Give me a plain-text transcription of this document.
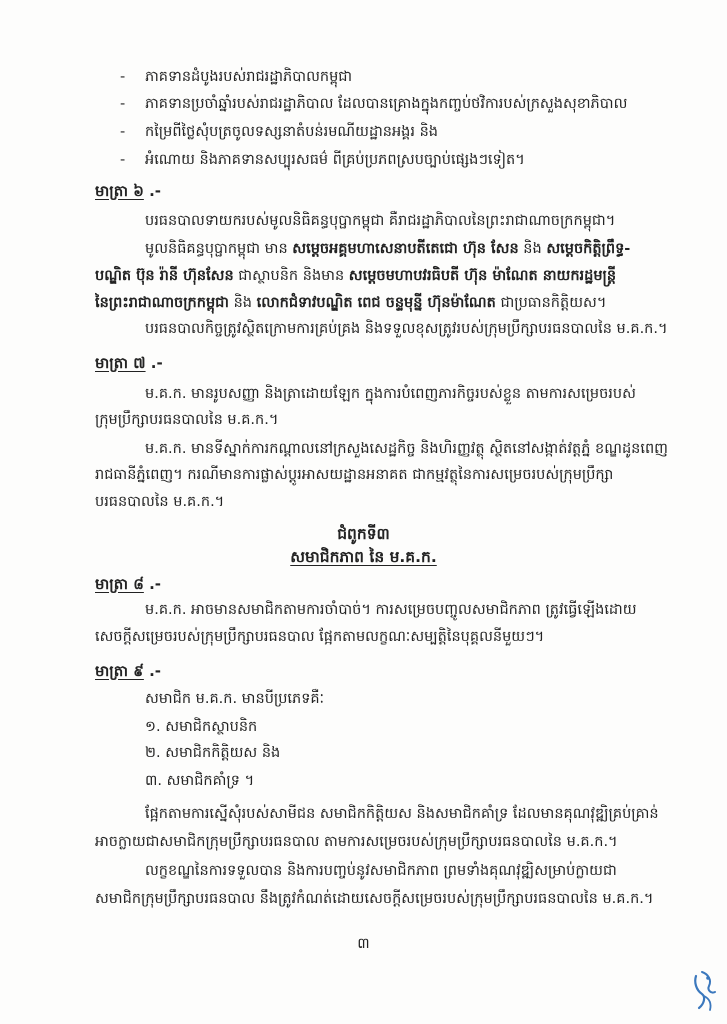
- ភាគទានដំបូងរបស់រាជរដ្ឋាភិបាលកម្ពុជា
- ភាគទានប្រចាំឆ្នាំរបស់រាជរដ្ឋាភិបាល ដែលបានគ្រោងក្នុងកញ្ចប់ថវិការបស់ក្រសួងសុខាភិបាល
- កម្រៃពីថ្លៃសុំបត្រចូលទស្សនាតំបន់រមណីយដ្ឋានអង្គរ និង
- អំណោយ និងភាគទានសប្បុរសធម៌ ពីគ្រប់ប្រភពស្របច្បាប់ផ្សេងៗទៀត។
មាត្រា ៦ .-
បរធនបាលទាយករបស់មូលនិធិគន្ធបុប្ផាកម្ពុជា គឺរាជរដ្ឋាភិបាលនៃព្រះរាជាណាចក្រកម្ពុជា។
មូលនិធិគន្ធបុប្ផាកម្ពុជា មាន សម្ដេចអគ្គមហាសេនាបតីតេជោ ហ៊ុន សែន និង សម្ដេចកិត្តិព្រឹទ្ធ-
បណ្ឌិត ប៊ុន រ៉ានី ហ៊ុនសែន ជាស្ថាបនិក និងមាន សម្ដេចមហាបវរធិបតី ហ៊ុន ម៉ាណែត នាយករដ្ឋមន្ត្រី
នៃព្រះរាជាណាចក្រកម្ពុជា និង លោកជំទាវបណ្ឌិត ពេជ ចន្ទមុន្នី ហ៊ុនម៉ាណែត ជាប្រធានកិត្តិយស។
បរធនបាលកិច្ចត្រូវស្ថិតក្រោមការគ្រប់គ្រង និងទទួលខុសត្រូវរបស់ក្រុមប្រឹក្សាបរធនបាលនៃ ម.គ.ក.។
មាត្រា ៧ .-
ម.គ.ក. មានរូបសញ្ញា និងត្រាដោយឡែក ក្នុងការបំពេញភារកិច្ចរបស់ខ្លួន តាមការសម្រេចរបស់
ក្រុមប្រឹក្សាបរធនបាលនៃ ម.គ.ក.។
ម.គ.ក. មានទីស្នាក់ការកណ្ដាលនៅក្រសួងសេដ្ឋកិច្ច និងហិរញ្ញវត្ថុ ស្ថិតនៅសង្កាត់វត្តភ្នំ ខណ្ឌដូនពេញ
រាជធានីភ្នំពេញ។ ករណីមានការផ្លាស់ប្ដូរអាសយដ្ឋានអនាគត ជាកម្មវត្ថុនៃការសម្រេចរបស់ក្រុមប្រឹក្សា
បរធនបាលនៃ ម.គ.ក.។
ជំពូកទី៣
សមាជិកភាព នៃ ម.គ.ក.
មាត្រា ៨ .-
ម.គ.ក. អាចមានសមាជិកតាមការចាំបាច់។ ការសម្រេចបញ្ចូលសមាជិកភាព ត្រូវធ្វើឡើងដោយ
សេចក្ដីសម្រេចរបស់ក្រុមប្រឹក្សាបរធនបាល ផ្អែកតាមលក្ខណៈសម្បត្តិនៃបុគ្គលនីមួយៗ។
មាត្រា ៩ .-
សមាជិក ម.គ.ក. មានបីប្រភេទគឺៈ
១. សមាជិកស្ថាបនិក
២. សមាជិកកិត្តិយស និង
៣. សមាជិកគាំទ្រ ។
ផ្អែកតាមការស្នើសុំរបស់សាមីជន សមាជិកកិត្តិយស និងសមាជិកគាំទ្រ ដែលមានគុណវុឌ្ឍិគ្រប់គ្រាន់
អាចក្លាយជាសមាជិកក្រុមប្រឹក្សាបរធនបាល តាមការសម្រេចរបស់ក្រុមប្រឹក្សាបរធនបាលនៃ ម.គ.ក.។
លក្ខខណ្ឌនៃការទទួលបាន និងការបញ្ចប់នូវសមាជិកភាព ព្រមទាំងគុណវុឌ្ឍិសម្រាប់ក្លាយជា
សមាជិកក្រុមប្រឹក្សាបរធនបាល នឹងត្រូវកំណត់ដោយសេចក្ដីសម្រេចរបស់ក្រុមប្រឹក្សាបរធនបាលនៃ ម.គ.ក.។
៣
